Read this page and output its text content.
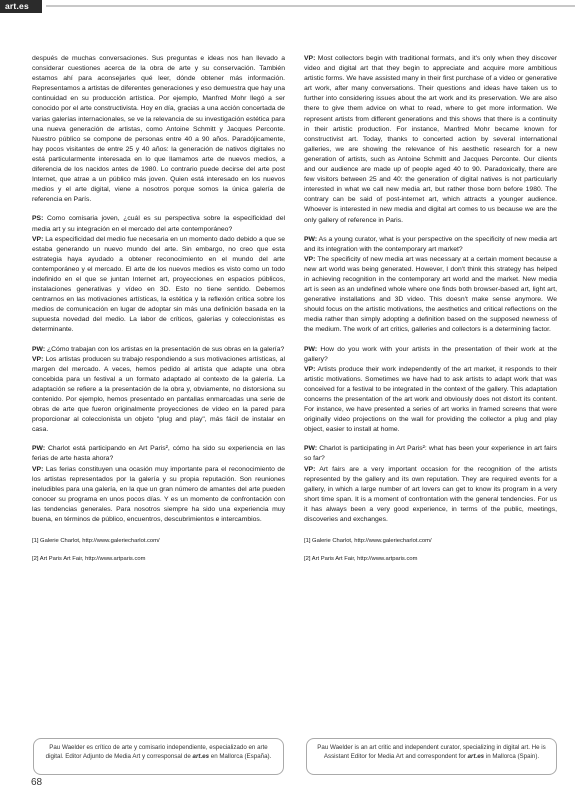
art.es

después de muchas conversaciones. Sus preguntas e ideas nos han llevado a considerar cuestiones acerca de la obra de arte y su conservación. También estamos ahí para aconsejarles qué leer, dónde obtener más información. Representamos a artistas de diferentes generaciones y eso demuestra que hay una continuidad en su producción artística. Por ejemplo, Manfred Mohr llegó a ser conocido por el arte constructivista. Hoy en día, gracias a una acción concertada de varias galerías internacionales, se ve la relevancia de su investigación estética para una nueva generación de artistas, como Antoine Schmitt y Jacques Perconte. Nuestro público se compone de personas entre 40 a 90 años. Paradójicamente, hay pocos visitantes de entre 25 y 40 años: la generación de nativos digitales no está particularmente interesada en lo que llamamos arte de nuevos medios, a diferencia de los nacidos antes de 1980. Lo contrario puede decirse del arte post Internet, que atrae a un público más joven. Quien está interesado en los nuevos medios y el arte digital, viene a nosotros porque somos la única galería de referencia en París.

PS: Como comisaria joven, ¿cuál es su perspectiva sobre la especificidad del media art y su integración en el mercado del arte contemporáneo?
VP: La especificidad del medio fue necesaria en un momento dado debido a que se estaba generando un nuevo mundo del arte. Sin embargo, no creo que esta estrategia haya ayudado a obtener reconocimiento en el mundo del arte contemporáneo y el mercado. El arte de los nuevos medios es visto como un todo indefinido en el que se juntan Internet art, proyecciones en espacios públicos, instalaciones generativas y vídeo en 3D. Esto no tiene sentido. Debemos centrarnos en las motivaciones artísticas, la estética y la reflexión crítica sobre los medios de comunicación en lugar de adoptar sin más una definición basada en la supuesta novedad del medio. La labor de críticos, galerías y coleccionistas es determinante.

PW: ¿Cómo trabajan con los artistas en la presentación de sus obras en la galería?
VP: Los artistas producen su trabajo respondiendo a sus motivaciones artísticas, al margen del mercado. A veces, hemos pedido al artista que adapte una obra concebida para un festival a un formato adaptado al contexto de la galería. La adaptación se refiere a la presentación de la obra y, obviamente, no distorsiona su contenido. Por ejemplo, hemos presentado en pantallas enmarcadas una serie de obras de arte que fueron originalmente proyecciones de vídeo en la pared para proporcionar al coleccionista un objeto "plug and play", más fácil de instalar en casa.

PW: Charlot está participando en Art Paris², cómo ha sido su experiencia en las ferias de arte hasta ahora?
VP: Las ferias constituyen una ocasión muy importante para el reconocimiento de los artistas representados por la galería y su propia reputación. Son reuniones ineludibles para una galería, en la que un gran número de amantes del arte pueden conocer su programa en unos pocos días. Y es un momento de confrontación con las tendencias generales. Para nosotros siempre ha sido una experiencia muy buena, en términos de público, encuentros, descubrimientos e intercambios.

[1] Galerie Charlot, http://www.galeriecharlot.com/

[2] Art Paris Art Fair, http://www.artparis.com

VP: Most collectors begin with traditional formats, and it's only when they discover video and digital art that they begin to appreciate and acquire more ambitious artistic forms. We have assisted many in their first purchase of a video or generative art work, after many conversations. Their questions and ideas have taken us to further into considering issues about the art work and its preservation. We are also there to give them advice on what to read, where to get more information. We represent artists from different generations and this shows that there is a continuity in their artistic production. For instance, Manfred Mohr became known for constructivist art. Today, thanks to concerted action by several international galleries, we are showing the relevance of his aesthetic research for a new generation of artists, such as Antoine Schmitt and Jacques Perconte. Our clients and our audience are made up of people aged 40 to 90. Paradoxically, there are few visitors between 25 and 40: the generation of digital natives is not particularly interested in what we call new media art, but rather those born before 1980. The contrary can be said of post-internet art, which attracts a younger audience. Whoever is interested in new media and digital art comes to us because we are the only gallery of reference in Paris.

PW: As a young curator, what is your perspective on the specificity of new media art and its integration with the contemporary art market?
VP: The specificity of new media art was necessary at a certain moment because a new art world was being generated. However, I don't think this strategy has helped in achieving recognition in the contemporary art world and the market. New media art is seen as an undefined whole where one finds both browser-based art, light art, generative installations and 3D video. This doesn't make sense anymore. We should focus on the artistic motivations, the aesthetics and critical reflections on the media rather than simply adopting a definition based on the supposed newness of the medium. The work of art critics, galleries and collectors is a determining factor.

PW: How do you work with your artists in the presentation of their work at the gallery?
VP: Artists produce their work independently of the art market, it responds to their artistic motivations. Sometimes we have had to ask artists to adapt work that was conceived for a festival to be integrated in the context of the gallery. This adaptation concerns the presentation of the art work and obviously does not distort its content. For instance, we have presented a series of art works in framed screens that were originally video projections on the wall for providing the collector a plug and play object, easier to install at home.

PW: Charlot is participating in Art Paris²: what has been your experience in art fairs so far?
VP: Art fairs are a very important occasion for the recognition of the artists represented by the gallery and its own reputation. They are required events for a gallery, in which a large number of art lovers can get to know its program in a very short time span. It is a moment of confrontation with the general tendencies. For us it has always been a very good experience, in terms of the public, meetings, discoveries and exchanges.

[1] Galerie Charlot, http://www.galeriecharlot.com/

[2] Art Paris Art Fair, http://www.artparis.com

Pau Waelder es crítico de arte y comisario independiente, especializado en arte digital. Editor Adjunto de Media Art y corresponsal de art.es en Mallorca (España).
Pau Waelder is an art critic and independent curator, specializing in digital art. He is Assistant Editor for Media Art and correspondent for art.es in Mallorca (Spain).
68
